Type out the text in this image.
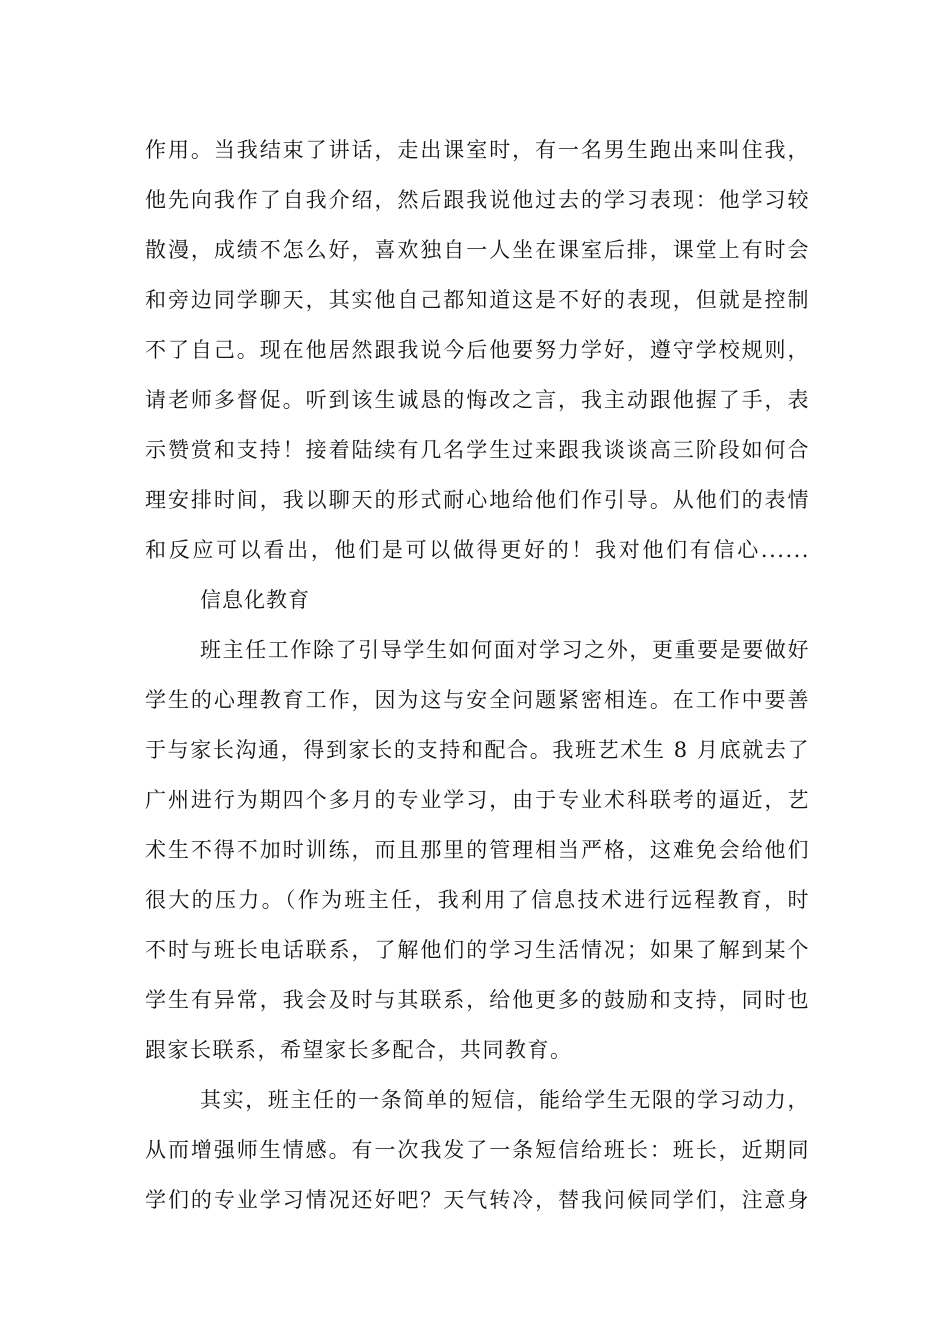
作用。当我结束了讲话，走出课室时，有一名男生跑出来叫住我，
他先向我作了自我介绍，然后跟我说他过去的学习表现：他学习较
散漫，成绩不怎么好，喜欢独自一人坐在课室后排，课堂上有时会
和旁边同学聊天，其实他自己都知道这是不好的表现，但就是控制
不了自己。现在他居然跟我说今后他要努力学好，遵守学校规则，
请老师多督促。听到该生诚恳的悔改之言，我主动跟他握了手，表
示赞赏和支持！接着陆续有几名学生过来跟我谈谈高三阶段如何合
理安排时间，我以聊天的形式耐心地给他们作引导。从他们的表情
和反应可以看出，他们是可以做得更好的！我对他们有信心......
信息化教育
班主任工作除了引导学生如何面对学习之外，更重要是要做好
学生的心理教育工作，因为这与安全问题紧密相连。在工作中要善
于与家长沟通，得到家长的支持和配合。我班艺术生 8 月底就去了
广州进行为期四个多月的专业学习，由于专业术科联考的逼近，艺
术生不得不加时训练，而且那里的管理相当严格，这难免会给他们
很大的压力。（作为班主任，我利用了信息技术进行远程教育，时
不时与班长电话联系，了解他们的学习生活情况；如果了解到某个
学生有异常，我会及时与其联系，给他更多的鼓励和支持，同时也
跟家长联系，希望家长多配合，共同教育。
其实，班主任的一条简单的短信，能给学生无限的学习动力，
从而增强师生情感。有一次我发了一条短信给班长：班长，近期同
学们的专业学习情况还好吧？天气转冷，替我问候同学们，注意身
